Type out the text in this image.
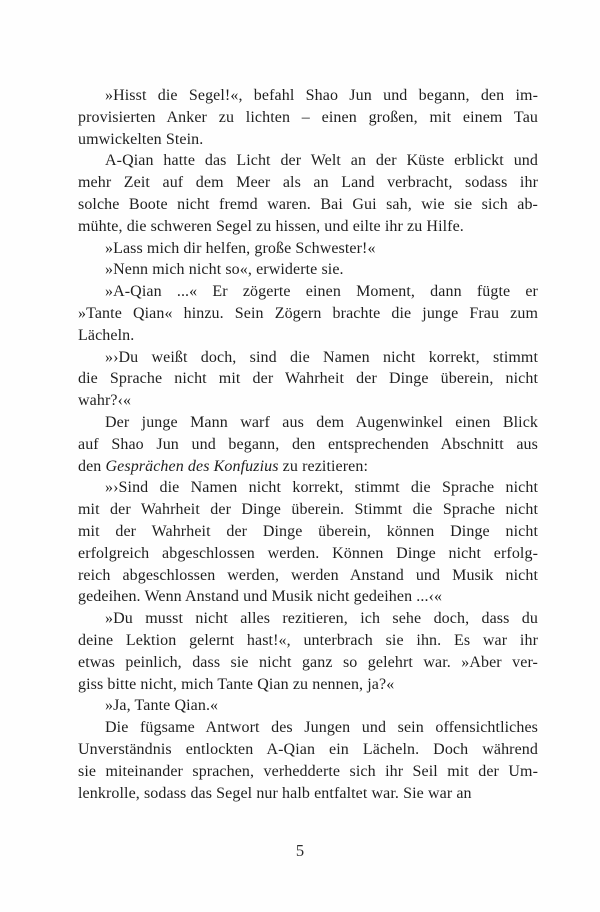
»Hisst die Segel!«, befahl Shao Jun und begann, den im-
provisierten Anker zu lichten – einen großen, mit einem Tau
umwickelten Stein.
A-Qian hatte das Licht der Welt an der Küste erblickt und
mehr Zeit auf dem Meer als an Land verbracht, sodass ihr
solche Boote nicht fremd waren. Bai Gui sah, wie sie sich ab-
mühte, die schweren Segel zu hissen, und eilte ihr zu Hilfe.
»Lass mich dir helfen, große Schwester!«
»Nenn mich nicht so«, erwiderte sie.
»A-Qian ...« Er zögerte einen Moment, dann fügte er
»Tante Qian« hinzu. Sein Zögern brachte die junge Frau zum
Lächeln.
»›Du weißt doch, sind die Namen nicht korrekt, stimmt
die Sprache nicht mit der Wahrheit der Dinge überein, nicht
wahr?‹«
Der junge Mann warf aus dem Augenwinkel einen Blick
auf Shao Jun und begann, den entsprechenden Abschnitt aus
den Gesprächen des Konfuzius zu rezitieren:
»›Sind die Namen nicht korrekt, stimmt die Sprache nicht
mit der Wahrheit der Dinge überein. Stimmt die Sprache nicht
mit der Wahrheit der Dinge überein, können Dinge nicht
erfolgreich abgeschlossen werden. Können Dinge nicht erfolg-
reich abgeschlossen werden, werden Anstand und Musik nicht
gedeihen. Wenn Anstand und Musik nicht gedeihen ...‹«
»Du musst nicht alles rezitieren, ich sehe doch, dass du
deine Lektion gelernt hast!«, unterbrach sie ihn. Es war ihr
etwas peinlich, dass sie nicht ganz so gelehrt war. »Aber ver-
giss bitte nicht, mich Tante Qian zu nennen, ja?«
»Ja, Tante Qian.«
Die fügsame Antwort des Jungen und sein offensichtliches
Unverständnis entlockten A-Qian ein Lächeln. Doch während
sie miteinander sprachen, verhedderte sich ihr Seil mit der Um-
lenkrolle, sodass das Segel nur halb entfaltet war. Sie war an
5
